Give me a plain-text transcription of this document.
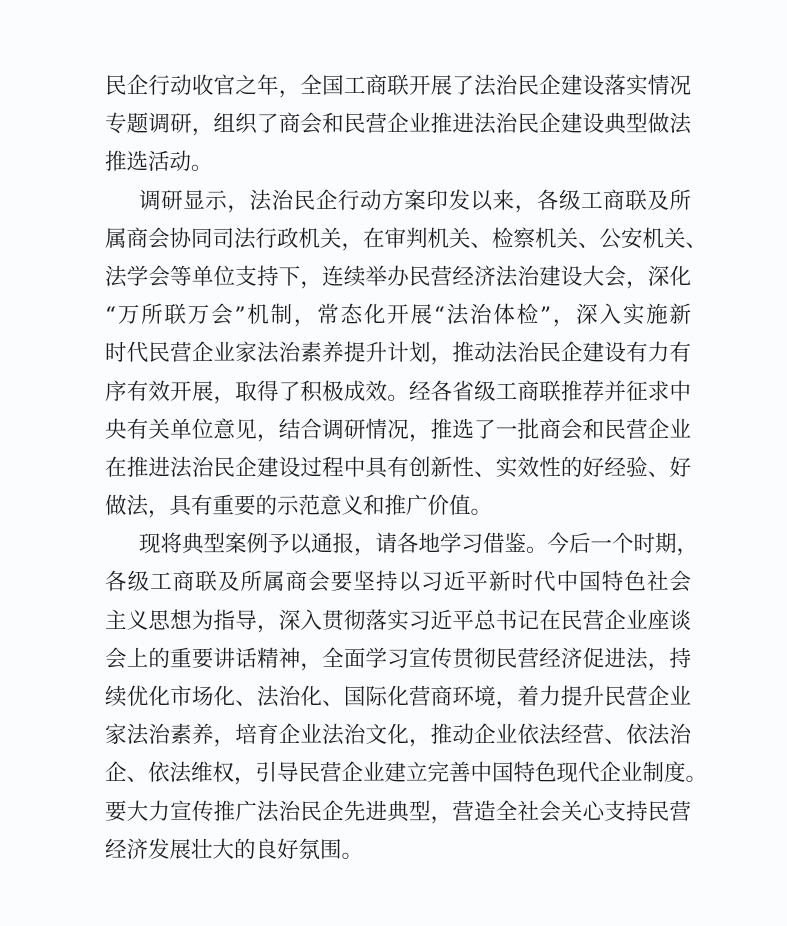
民企行动收官之年，全国工商联开展了法治民企建设落实情况
专题调研，组织了商会和民营企业推进法治民企建设典型做法
推选活动。
调研显示，法治民企行动方案印发以来，各级工商联及所
属商会协同司法行政机关，在审判机关、检察机关、公安机关、
法学会等单位支持下，连续举办民营经济法治建设大会，深化
“万所联万会”机制，常态化开展“法治体检”，深入实施新
时代民营企业家法治素养提升计划，推动法治民企建设有力有
序有效开展，取得了积极成效。经各省级工商联推荐并征求中
央有关单位意见，结合调研情况，推选了一批商会和民营企业
在推进法治民企建设过程中具有创新性、实效性的好经验、好
做法，具有重要的示范意义和推广价值。
现将典型案例予以通报，请各地学习借鉴。今后一个时期，
各级工商联及所属商会要坚持以习近平新时代中国特色社会
主义思想为指导，深入贯彻落实习近平总书记在民营企业座谈
会上的重要讲话精神，全面学习宣传贯彻民营经济促进法，持
续优化市场化、法治化、国际化营商环境，着力提升民营企业
家法治素养，培育企业法治文化，推动企业依法经营、依法治
企、依法维权，引导民营企业建立完善中国特色现代企业制度。
要大力宣传推广法治民企先进典型，营造全社会关心支持民营
经济发展壮大的良好氛围。
